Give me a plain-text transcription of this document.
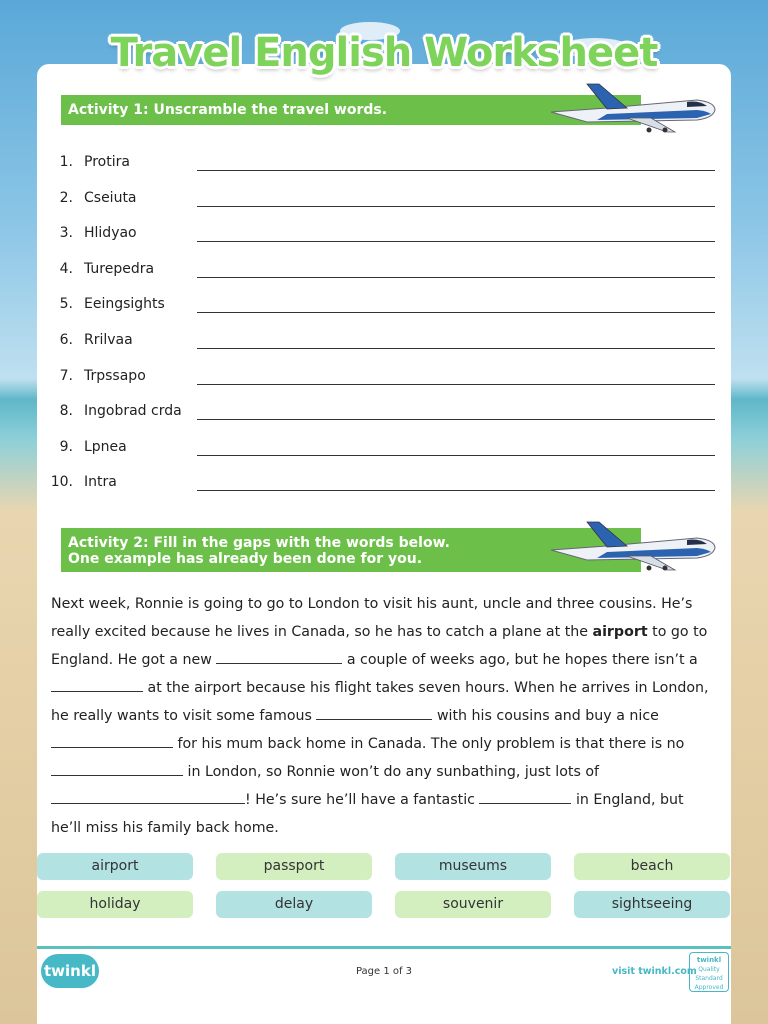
Travel English Worksheet
Activity 1: Unscramble the travel words.
1. Protira
2. Cseiuta
3. Hlidyao
4. Turepedra
5. Eeingsights
6. Rrilvaa
7. Trpssapo
8. Ingobrad crda
9. Lpnea
10. Intra
Activity 2: Fill in the gaps with the words below.
One example has already been done for you.
Next week, Ronnie is going to go to London to visit his aunt, uncle and three cousins. He’s really excited because he lives in Canada, so he has to catch a plane at the airport to go to England. He got a new	a couple of weeks ago, but he hopes there isn’t a  at the airport because his flight takes seven hours. When he arrives in London, he really wants to visit some famous	with his cousins and buy a nice  for his mum back home in Canada. The only problem is that there is no  in London, so Ronnie won’t do any sunbathing, just lots of ! He’s sure he’ll have a fantastic	in England, but he’ll miss his family back home.
airport	passport	museums	beach
holiday	delay	souvenir	sightseeing
twinkl	Page 1 of 3	visit twinkl.com
twinkl
Quality Standard
Approved
